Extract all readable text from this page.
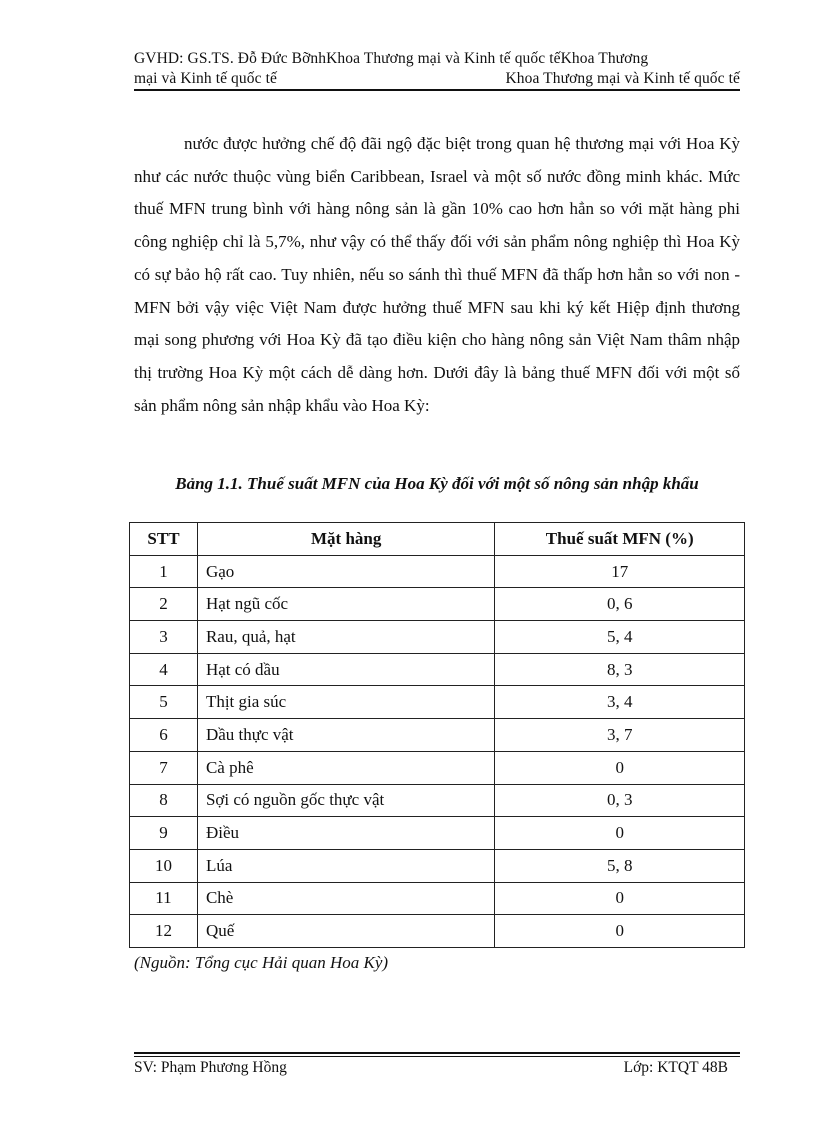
GVHD: GS.TS. Đỗ Đức BỡnhKhoa Thương mại và Kinh tế quốc tếKhoa Thương
mại và Kinh tế quốc tế	Khoa Thương mại và Kinh tế quốc tế

nước được hưởng chế độ đãi ngộ đặc biệt trong quan hệ thương mại với Hoa Kỳ như các nước thuộc vùng biển Caribbean, Israel và một số nước đồng minh khác. Mức thuế MFN trung bình với hàng nông sản là gần 10% cao hơn hẳn so với mặt hàng phi công nghiệp chỉ là 5,7%, như vậy có thể thấy đối với sản phẩm nông nghiệp thì Hoa Kỳ có sự bảo hộ rất cao. Tuy nhiên, nếu so sánh thì thuế MFN đã thấp hơn hẳn so với non - MFN bởi vậy việc Việt Nam được hưởng thuế MFN sau khi ký kết Hiệp định thương mại song phương với Hoa Kỳ đã tạo điều kiện cho hàng nông sản Việt Nam thâm nhập thị trường Hoa Kỳ một cách dễ dàng hơn. Dưới đây là bảng thuế MFN đối với một số sản phẩm nông sản nhập khẩu vào Hoa Kỳ:

Bảng 1.1. Thuế suất MFN của Hoa Kỳ đối với một số nông sản nhập khẩu

STT	Mặt hàng	Thuế suất MFN (%)
1	Gạo	17
2	Hạt ngũ cốc	0, 6
3	Rau, quả, hạt	5, 4
4	Hạt có dầu	8, 3
5	Thịt gia súc	3, 4
6	Dầu thực vật	3, 7
7	Cà phê	0
8	Sợi có nguồn gốc thực vật	0, 3
9	Điều	0
10	Lúa	5, 8
11	Chè	0
12	Quế	0

(Nguồn: Tổng cục Hải quan Hoa Kỳ)

SV: Phạm Phương Hồng	Lớp: KTQT 48B
